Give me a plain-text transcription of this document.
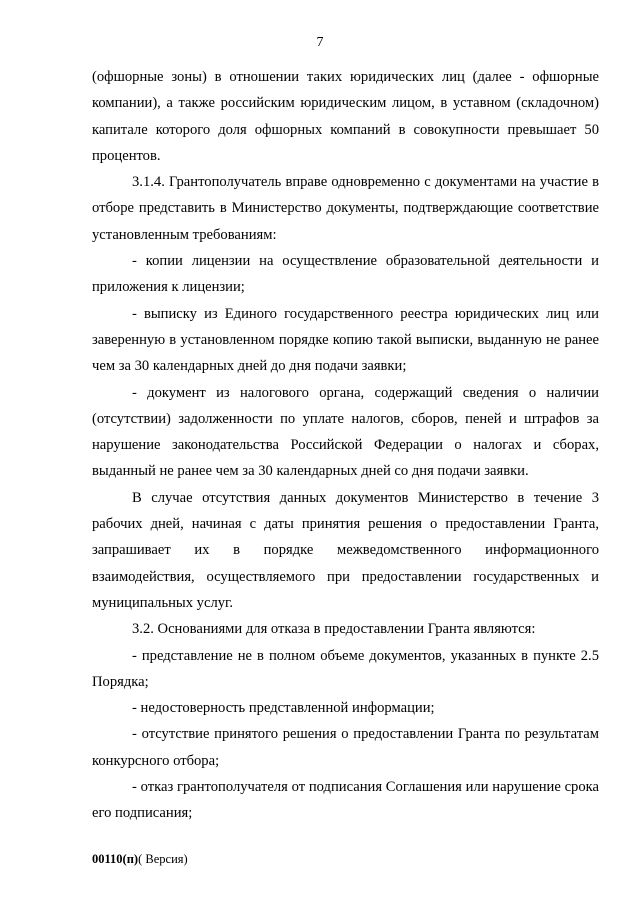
7

(офшорные зоны) в отношении таких юридических лиц (далее - офшорные компании), а также российским юридическим лицом, в уставном (складочном) капитале которого доля офшорных компаний в совокупности превышает 50 процентов.

3.1.4. Грантополучатель вправе одновременно с документами на участие в отборе представить в Министерство документы, подтверждающие соответствие установленным требованиям:

- копии лицензии на осуществление образовательной деятельности и приложения к лицензии;

- выписку из Единого государственного реестра юридических лиц или заверенную в установленном порядке копию такой выписки, выданную не ранее чем за 30 календарных дней до дня подачи заявки;

- документ из налогового органа, содержащий сведения о наличии (отсутствии) задолженности по уплате налогов, сборов, пеней и штрафов за нарушение законодательства Российской Федерации о налогах и сборах, выданный не ранее чем за 30 календарных дней со дня подачи заявки.

В случае отсутствия данных документов Министерство в течение 3 рабочих дней, начиная с даты принятия решения о предоставлении Гранта, запрашивает их в порядке межведомственного информационного взаимодействия, осуществляемого при предоставлении государственных и муниципальных услуг.

3.2. Основаниями для отказа в предоставлении Гранта являются:

- представление не в полном объеме документов, указанных в пункте 2.5 Порядка;

- недостоверность представленной информации;

- отсутствие принятого решения о предоставлении Гранта по результатам конкурсного отбора;

- отказ грантополучателя от подписания Соглашения или нарушение срока его подписания;

00110(п)( Версия)
